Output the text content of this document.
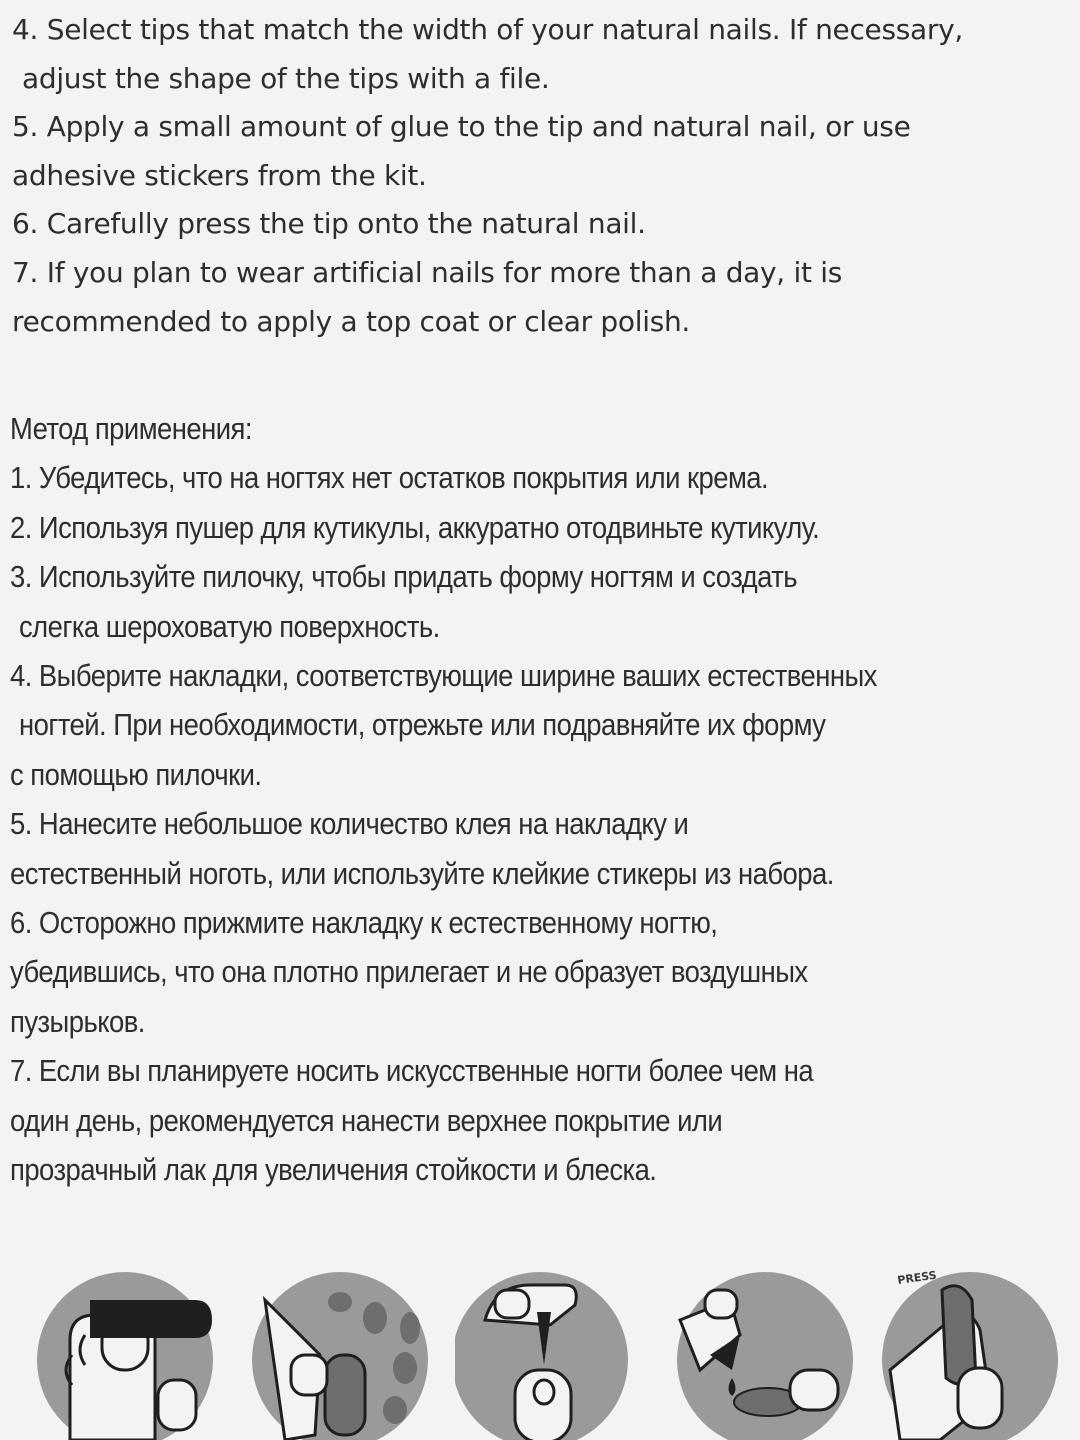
4. Select tips that match the width of your natural nails. If necessary,
adjust the shape of the tips with a file.
5. Apply a small amount of glue to the tip and natural nail, or use
adhesive stickers from the kit.
6. Carefully press the tip onto the natural nail.
7. If you plan to wear artificial nails for more than a day, it is
recommended to apply a top coat or clear polish.
Метод применения:
1. Убедитесь, что на ногтях нет остатков покрытия или крема.
2. Используя пушер для кутикулы, аккуратно отодвиньте кутикулу.
3. Используйте пилочку, чтобы придать форму ногтям и создать
слегка шероховатую поверхность.
4. Выберите накладки, соответствующие ширине ваших естественных
ногтей. При необходимости, отрежьте или подравняйте их форму
с помощью пилочки.
5. Нанесите небольшое количество клея на накладку и
естественный ноготь, или используйте клейкие стикеры из набора.
6. Осторожно прижмите накладку к естественному ногтю,
убедившись, что она плотно прилегает и не образует воздушных
пузырьков.
7. Если вы планируете носить искусственные ногти более чем на
один день, рекомендуется нанести верхнее покрытие или
прозрачный лак для увеличения стойкости и блеска.
PRESS
